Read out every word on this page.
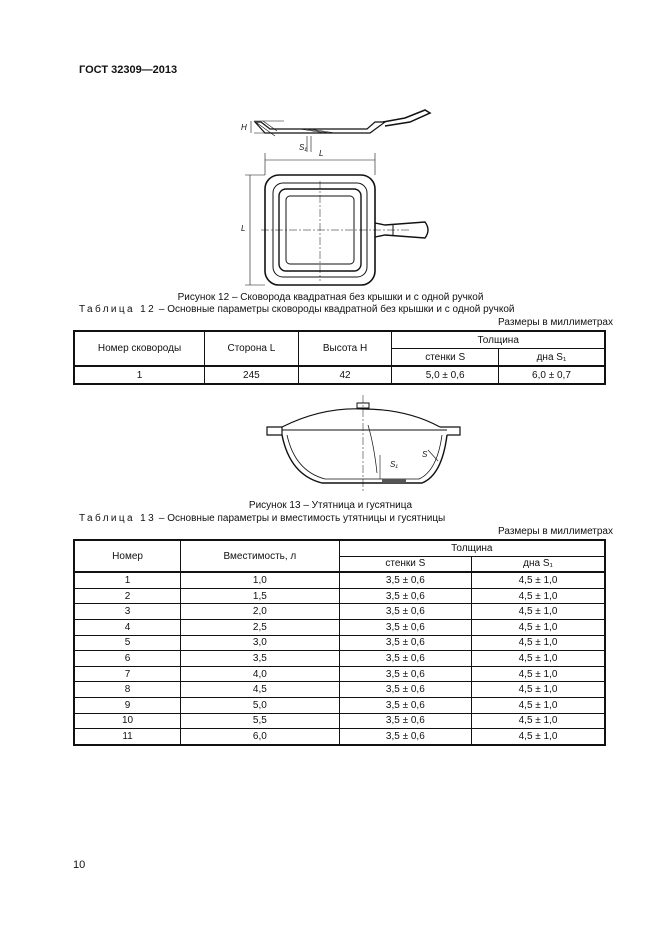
ГОСТ 32309—2013
H
S₁
L
L
Рисунок 12 – Сковорода квадратная без крышки и с одной ручкой
Таблица 12 – Основные параметры сковороды квадратной без крышки и с одной ручкой
Размеры в миллиметрах
Номер сковороды	Сторона L	Высота H	Толщина	
			стенки S	дна S₁
1	245	42	5,0 ± 0,6	6,0 ± 0,7
S₁
S
Рисунок 13 – Утятница и гусятница
Таблица 13 – Основные параметры и вместимость утятницы и гусятницы
Размеры в миллиметрах
Номер	Вместимость, л	Толщина	
		стенки S	дна S₁
1	1,0	3,5 ± 0,6	4,5 ± 1,0
2	1,5	3,5 ± 0,6	4,5 ± 1,0
3	2,0	3,5 ± 0,6	4,5 ± 1,0
4	2,5	3,5 ± 0,6	4,5 ± 1,0
5	3,0	3,5 ± 0,6	4,5 ± 1,0
6	3,5	3,5 ± 0,6	4,5 ± 1,0
7	4,0	3,5 ± 0,6	4,5 ± 1,0
8	4,5	3,5 ± 0,6	4,5 ± 1,0
9	5,0	3,5 ± 0,6	4,5 ± 1,0
10	5,5	3,5 ± 0,6	4,5 ± 1,0
11	6,0	3,5 ± 0,6	4,5 ± 1,0
10
